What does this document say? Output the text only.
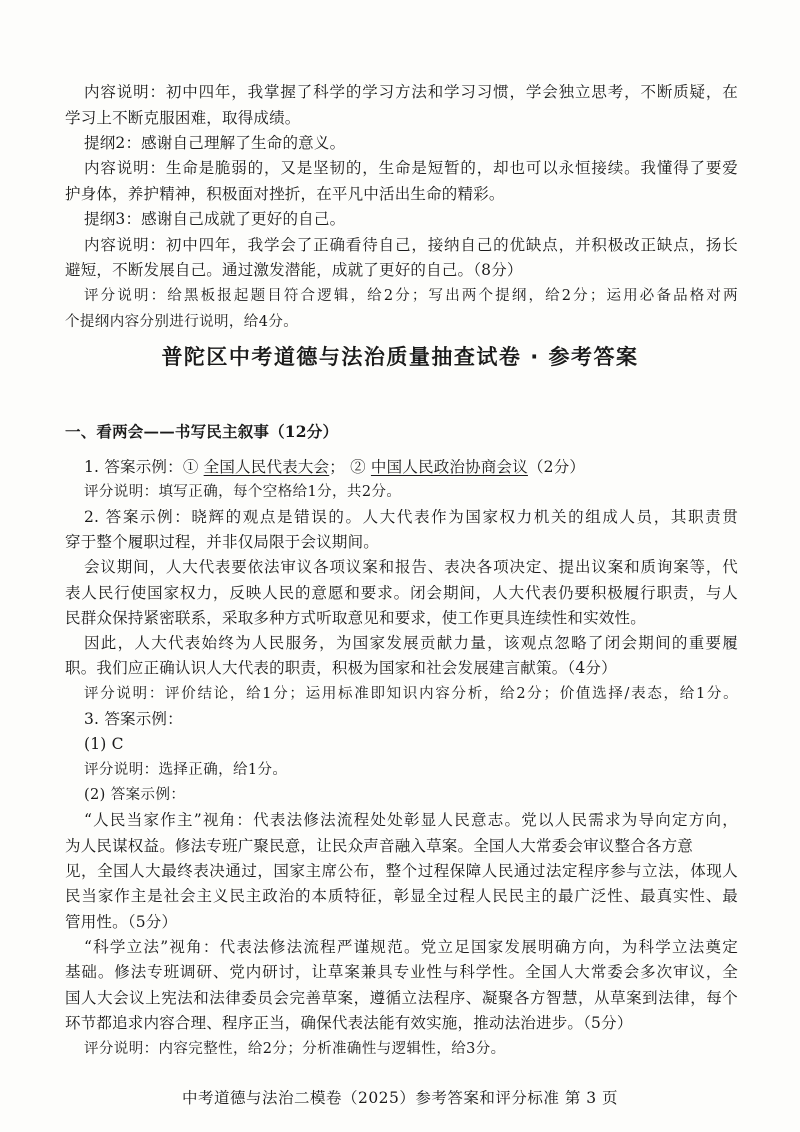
内容说明：初中四年，我掌握了科学的学习方法和学习习惯，学会独立思考，不断质疑，在

学习上不断克服困难，取得成绩。

提纲2：感谢自己理解了生命的意义。

内容说明：生命是脆弱的，又是坚韧的，生命是短暂的，却也可以永恒接续。我懂得了要爱

护身体，养护精神，积极面对挫折，在平凡中活出生命的精彩。

提纲3：感谢自己成就了更好的自己。

内容说明：初中四年，我学会了正确看待自己，接纳自己的优缺点，并积极改正缺点，扬长

避短，不断发展自己。通过激发潜能，成就了更好的自己。（8分）

评分说明：给黑板报起题目符合逻辑，给2分；写出两个提纲，给2分；运用必备品格对两

个提纲内容分别进行说明，给4分。

普陀区中考道德与法治质量抽查试卷 · 参考答案

一、看两会——书写民主叙事（12分）

1. 答案示例：① 全国人民代表大会； ② 中国人民政治协商会议（2分）

评分说明：填写正确，每个空格给1分，共2分。

2. 答案示例：晓辉的观点是错误的。人大代表作为国家权力机关的组成人员，其职责贯

穿于整个履职过程，并非仅局限于会议期间。

会议期间，人大代表要依法审议各项议案和报告、表决各项决定、提出议案和质询案等，代

表人民行使国家权力，反映人民的意愿和要求。闭会期间，人大代表仍要积极履行职责，与人

民群众保持紧密联系，采取多种方式听取意见和要求，使工作更具连续性和实效性。

因此，人大代表始终为人民服务，为国家发展贡献力量，该观点忽略了闭会期间的重要履

职。我们应正确认识人大代表的职责，积极为国家和社会发展建言献策。（4分）

评分说明：评价结论，给1分；运用标准即知识内容分析，给2分；价值选择/表态，给1分。

3. 答案示例：

(1) C

评分说明：选择正确，给1分。

(2) 答案示例：

“人民当家作主”视角：代表法修法流程处处彰显人民意志。党以人民需求为导向定方向，

为人民谋权益。修法专班广聚民意，让民众声音融入草案。全国人大常委会审议整合各方意

见，全国人大最终表决通过，国家主席公布，整个过程保障人民通过法定程序参与立法，体现人

民当家作主是社会主义民主政治的本质特征，彰显全过程人民民主的最广泛性、最真实性、最

管用性。（5分）

“科学立法”视角：代表法修法流程严谨规范。党立足国家发展明确方向，为科学立法奠定

基础。修法专班调研、党内研讨，让草案兼具专业性与科学性。全国人大常委会多次审议，全

国人大会议上宪法和法律委员会完善草案，遵循立法程序、凝聚各方智慧，从草案到法律，每个

环节都追求内容合理、程序正当，确保代表法能有效实施，推动法治进步。（5分）

评分说明：内容完整性，给2分；分析准确性与逻辑性，给3分。

中考道德与法治二模卷（2025）参考答案和评分标准 第 3 页
